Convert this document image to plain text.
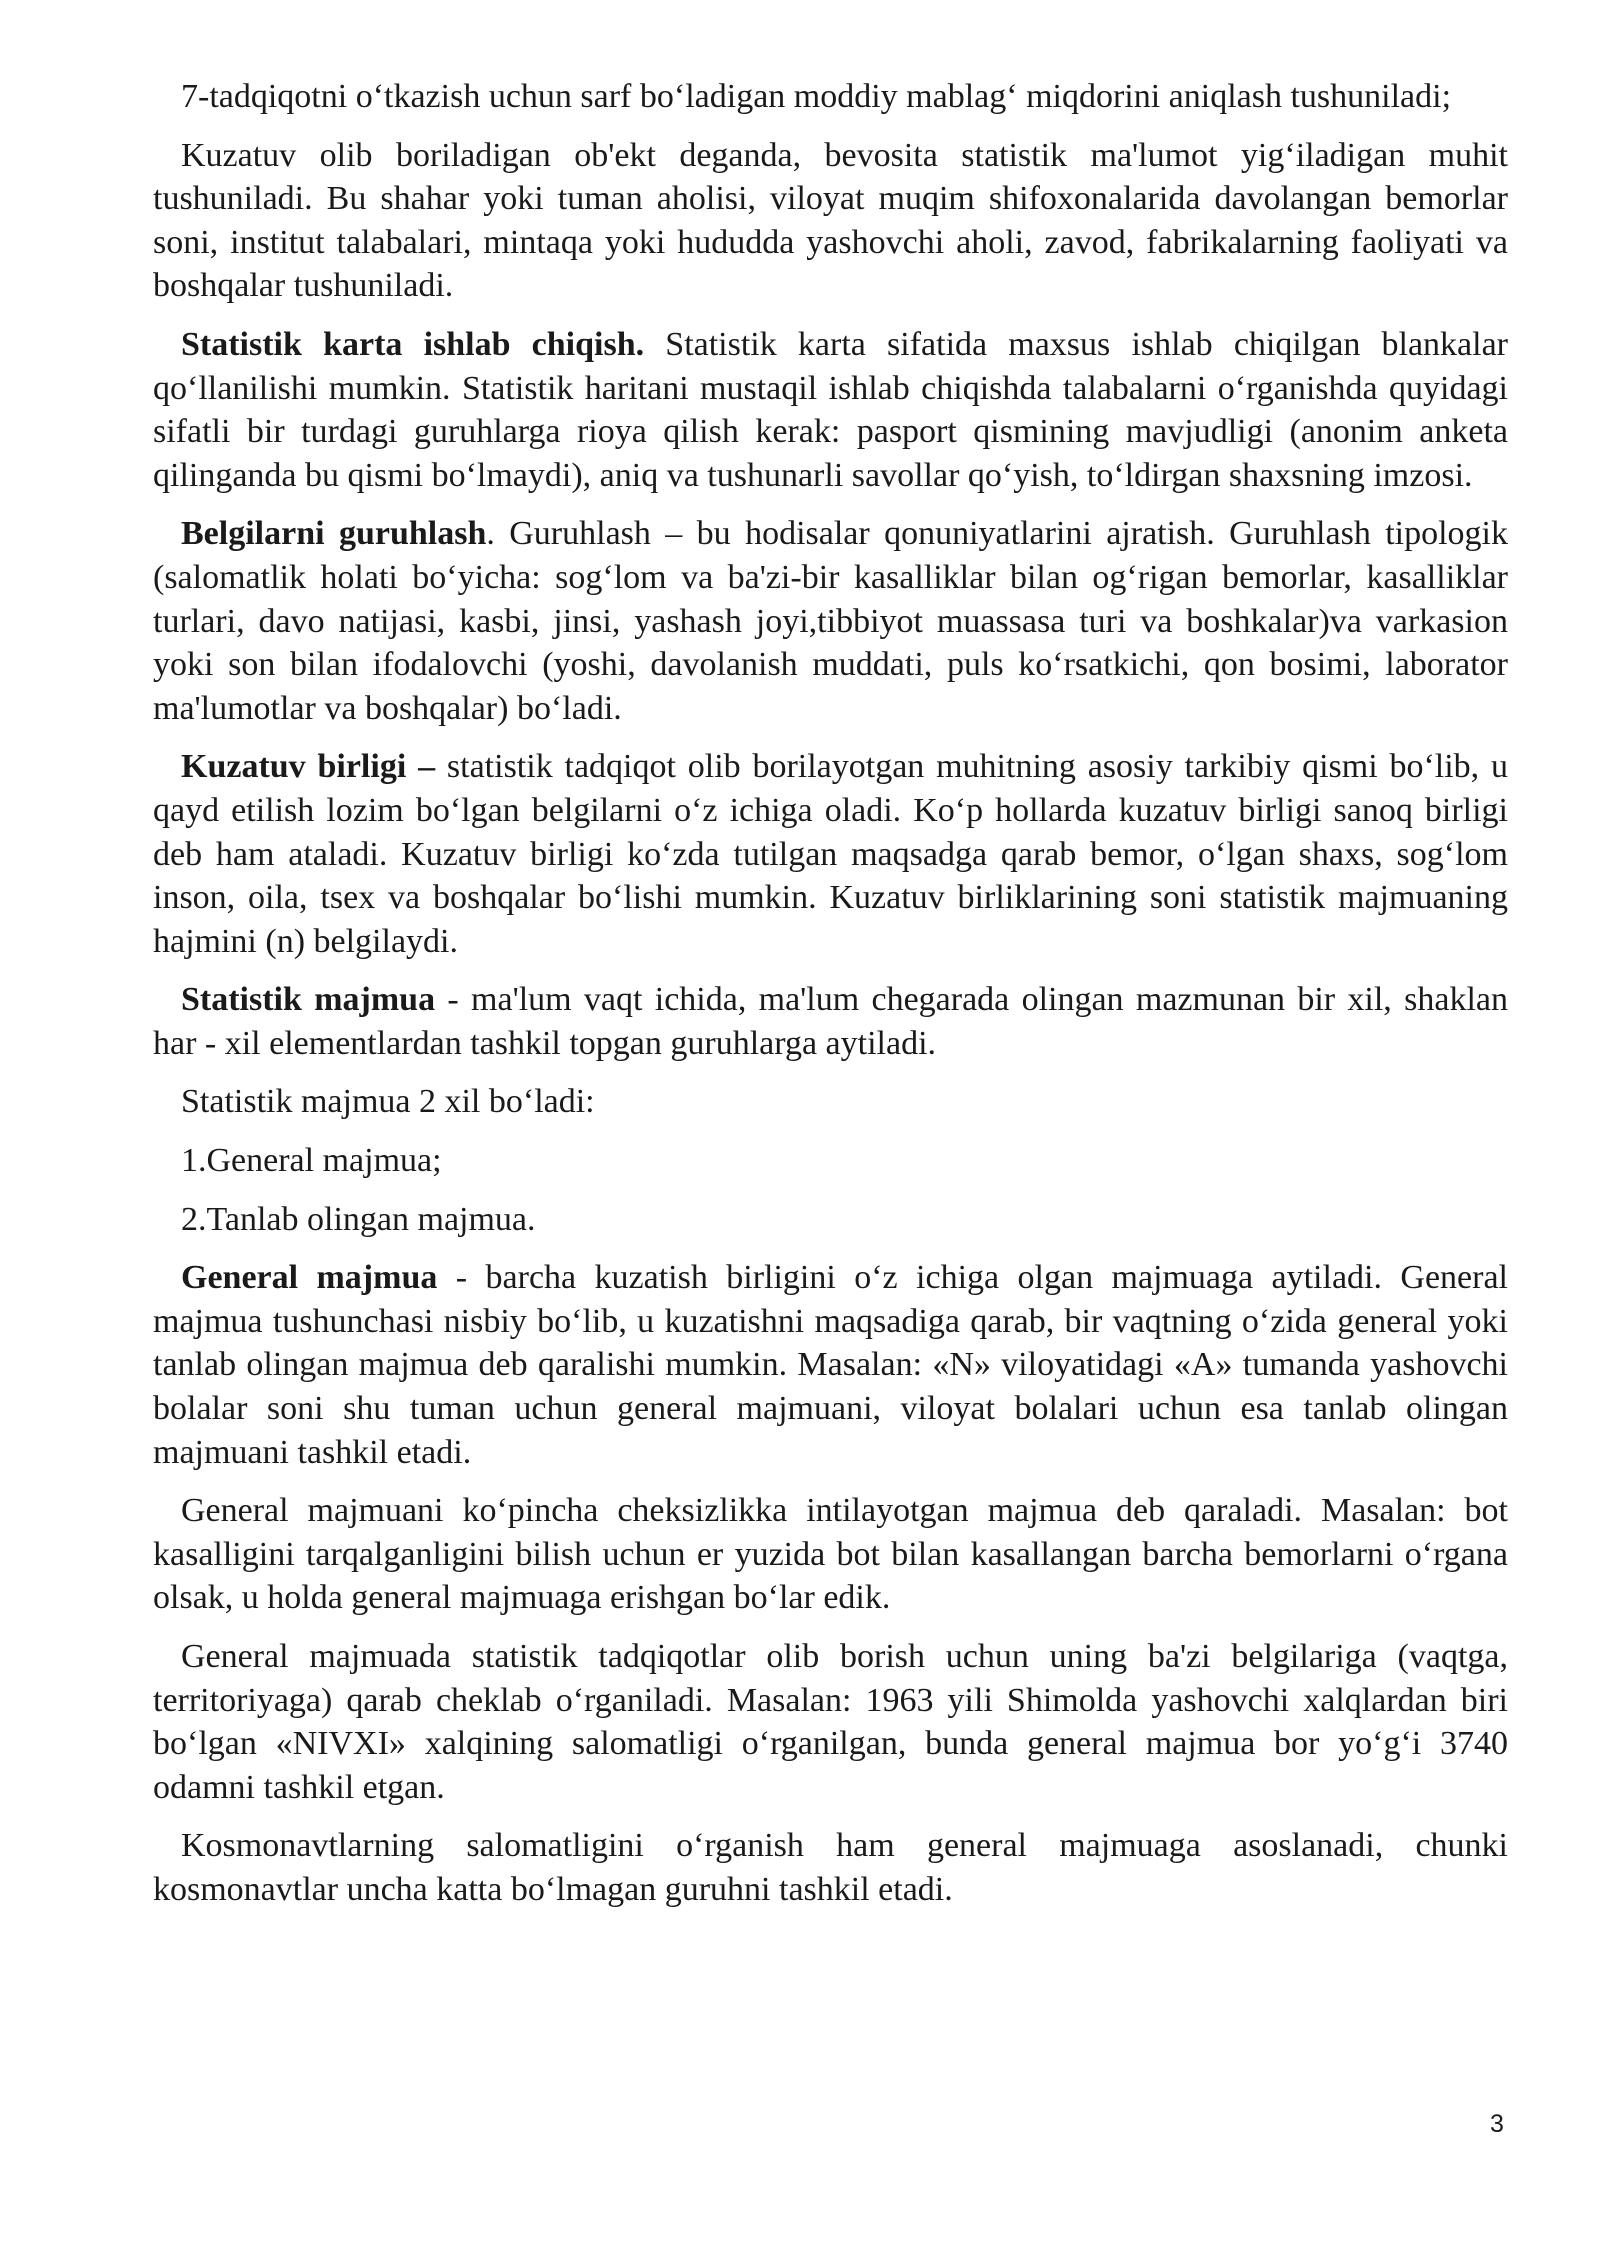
7-tadqiqotni o‘tkazish uchun sarf bo‘ladigan moddiy mablag‘ miqdorini aniqlash tushuniladi;

Kuzatuv olib boriladigan ob'ekt deganda, bevosita statistik ma'lumot yig‘iladigan muhit tushuniladi. Bu shahar yoki tuman aholisi, viloyat muqim shifoxonalarida davolangan bemorlar soni, institut talabalari, mintaqa yoki hududda yashovchi aholi, zavod, fabrikalarning faoliyati va boshqalar tushuniladi.

Statistik karta ishlab chiqish. Statistik karta sifatida maxsus ishlab chiqilgan blankalar qo‘llanilishi mumkin. Statistik haritani mustaqil ishlab chiqishda talabalarni o‘rganishda quyidagi sifatli bir turdagi guruhlarga rioya qilish kerak: pasport qismining mavjudligi (anonim anketa qilinganda bu qismi bo‘lmaydi), aniq va tushunarli savollar qo‘yish, to‘ldirgan shaxsning imzosi.

Belgilarni guruhlash. Guruhlash – bu hodisalar qonuniyatlarini ajratish. Guruhlash tipologik (salomatlik holati bo‘yicha: sog‘lom va ba'zi-bir kasalliklar bilan og‘rigan bemorlar, kasalliklar turlari, davo natijasi, kasbi, jinsi, yashash joyi,tibbiyot muassasa turi va boshkalar)va varkasion yoki son bilan ifodalovchi (yoshi, davolanish muddati, puls ko‘rsatkichi, qon bosimi, laborator ma'lumotlar va boshqalar) bo‘ladi.

Kuzatuv birligi – statistik tadqiqot olib borilayotgan muhitning asosiy tarkibiy qismi bo‘lib, u qayd etilish lozim bo‘lgan belgilarni o‘z ichiga oladi. Ko‘p hollarda kuzatuv birligi sanoq birligi deb ham ataladi. Kuzatuv birligi ko‘zda tutilgan maqsadga qarab bemor, o‘lgan shaxs, sog‘lom inson, oila, tsex va boshqalar bo‘lishi mumkin. Kuzatuv birliklarining soni statistik majmuaning hajmini (n) belgilaydi.

Statistik majmua - ma'lum vaqt ichida, ma'lum chegarada olingan mazmunan bir xil, shaklan har - xil elementlardan tashkil topgan guruhlarga aytiladi.

Statistik majmua 2 xil bo‘ladi:

1.General majmua;

2.Tanlab olingan majmua.

General majmua - barcha kuzatish birligini o‘z ichiga olgan majmuaga aytiladi. General majmua tushunchasi nisbiy bo‘lib, u kuzatishni maqsadiga qarab, bir vaqtning o‘zida general yoki tanlab olingan majmua deb qaralishi mumkin. Masalan: «N» viloyatidagi «A» tumanda yashovchi bolalar soni shu tuman uchun general majmuani, viloyat bolalari uchun esa tanlab olingan majmuani tashkil etadi.

General majmuani ko‘pincha cheksizlikka intilayotgan majmua deb qaraladi. Masalan: bot kasalligini tarqalganligini bilish uchun er yuzida bot bilan kasallangan barcha bemorlarni o‘rgana olsak, u holda general majmuaga erishgan bo‘lar edik.

General majmuada statistik tadqiqotlar olib borish uchun uning ba'zi belgilariga (vaqtga, territoriyaga) qarab cheklab o‘rganiladi. Masalan: 1963 yili Shimolda yashovchi xalqlardan biri bo‘lgan «NIVXI» xalqining salomatligi o‘rganilgan, bunda general majmua bor yo‘g‘i 3740 odamni tashkil etgan.

Kosmonavtlarning salomatligini o‘rganish ham general majmuaga asoslanadi, chunki kosmonavtlar uncha katta bo‘lmagan guruhni tashkil etadi.

3
